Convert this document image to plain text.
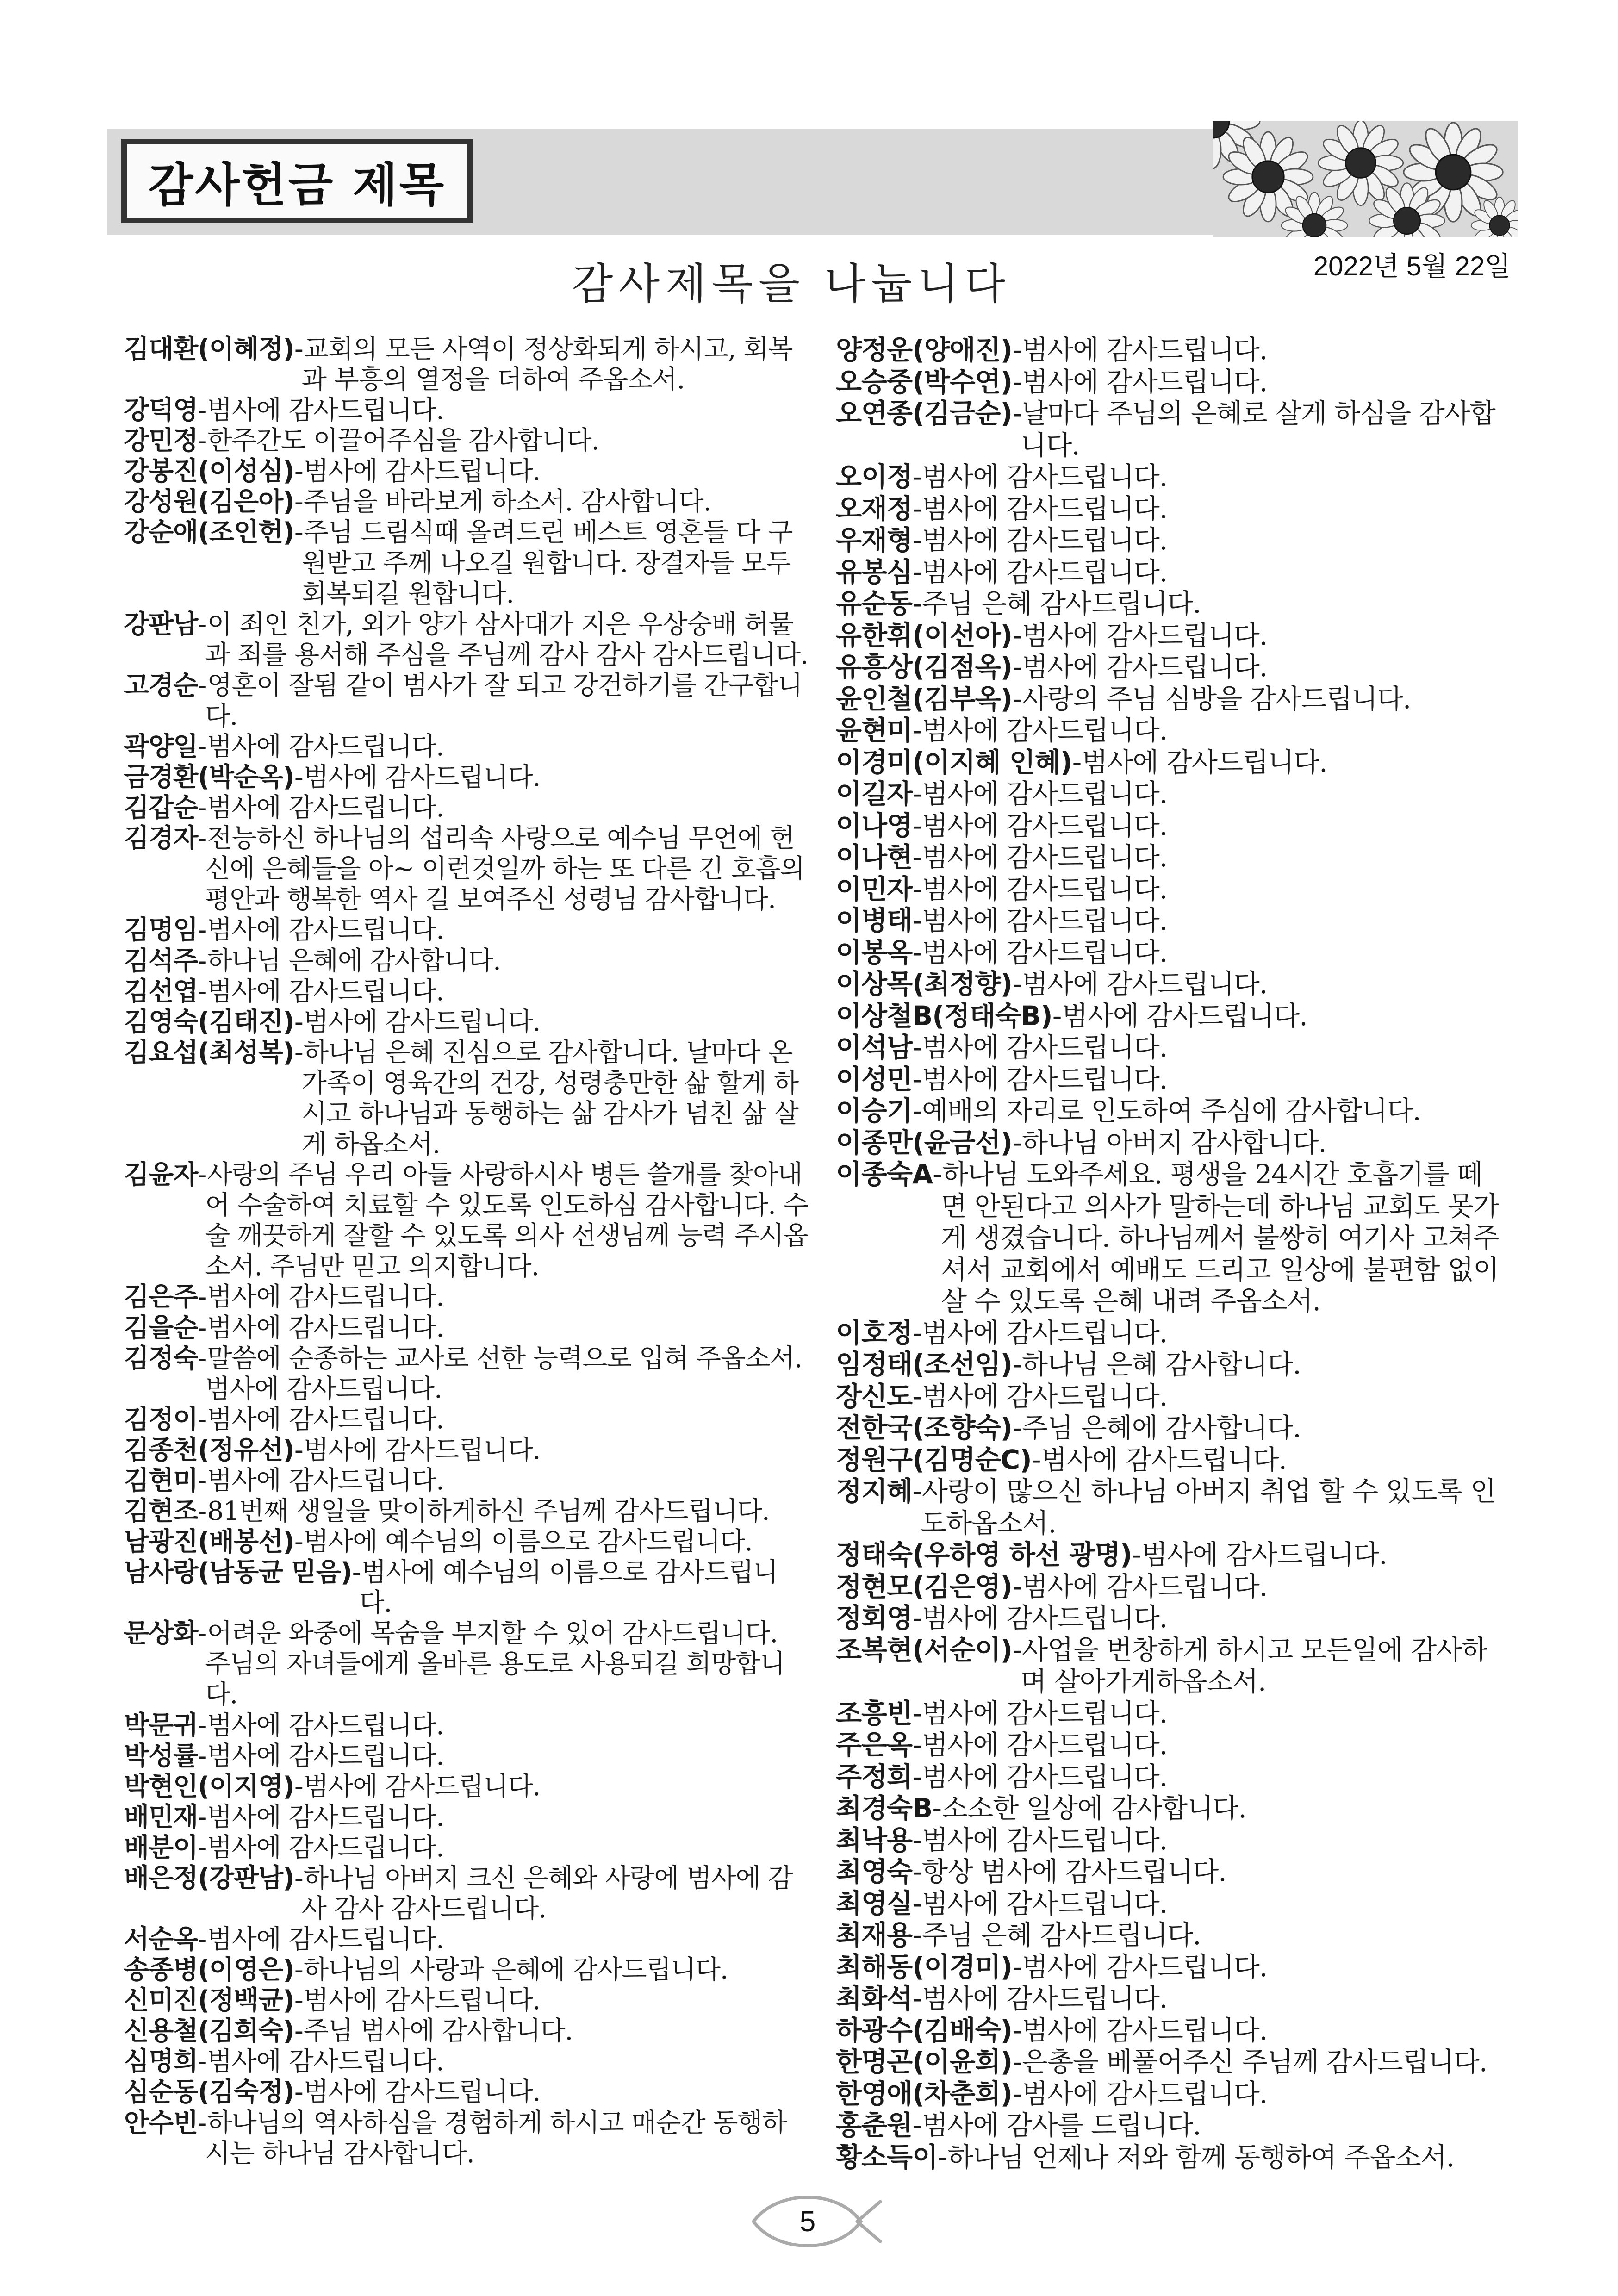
감사헌금 제목
감사제목을 나눕니다	2022년 5월 22일

김대환(이혜정)-교회의 모든 사역이 정상화되게 하시고, 회복과 부흥의 열정을 더하여 주옵소서.

강덕영-범사에 감사드립니다.

강민정-한주간도 이끌어주심을 감사합니다.

강봉진(이성심)-범사에 감사드립니다.

강성원(김은아)-주님을 바라보게 하소서. 감사합니다.

강순애(조인헌)-주님 드림식때 올려드린 베스트 영혼들 다 구원받고 주께 나오길 원합니다. 장결자들 모두 회복되길 원합니다.

강판남-이 죄인 친가, 외가 양가 삼사대가 지은 우상숭배 허물과 죄를 용서해 주심을 주님께 감사 감사 감사드립니다.

고경순-영혼이 잘됨 같이 범사가 잘 되고 강건하기를 간구합니다.

곽양일-범사에 감사드립니다.

금경환(박순옥)-범사에 감사드립니다.

김갑순-범사에 감사드립니다.

김경자-전능하신 하나님의 섭리속 사랑으로 예수님 무언에 헌신에 은혜들을 아~ 이런것일까 하는 또 다른 긴 호흡의 평안과 행복한 역사 길 보여주신 성령님 감사합니다.

김명임-범사에 감사드립니다.

김석주-하나님 은혜에 감사합니다.

김선엽-범사에 감사드립니다.

김영숙(김태진)-범사에 감사드립니다.

김요섭(최성복)-하나님 은혜 진심으로 감사합니다. 날마다 온가족이 영육간의 건강, 성령충만한 삶 할게 하시고 하나님과 동행하는 삶 감사가 넘친 삶 살게 하옵소서.

김윤자-사랑의 주님 우리 아들 사랑하시사 병든 쓸개를 찾아내어 수술하여 치료할 수 있도록 인도하심 감사합니다. 수술 깨끗하게 잘할 수 있도록 의사 선생님께 능력 주시옵소서. 주님만 믿고 의지합니다.

김은주-범사에 감사드립니다.

김을순-범사에 감사드립니다.

김정숙-말씀에 순종하는 교사로 선한 능력으로 입혀 주옵소서. 범사에 감사드립니다.

김정이-범사에 감사드립니다.

김종천(정유선)-범사에 감사드립니다.

김현미-범사에 감사드립니다.

김현조-81번째 생일을 맞이하게하신 주님께 감사드립니다.

남광진(배봉선)-범사에 예수님의 이름으로 감사드립니다.

남사랑(남동균 믿음)-범사에 예수님의 이름으로 감사드립니다.

문상화-어려운 와중에 목숨을 부지할 수 있어 감사드립니다. 주님의 자녀들에게 올바른 용도로 사용되길 희망합니다.

박문귀-범사에 감사드립니다.

박성률-범사에 감사드립니다.

박현인(이지영)-범사에 감사드립니다.

배민재-범사에 감사드립니다.

배분이-범사에 감사드립니다.

배은정(강판남)-하나님 아버지 크신 은혜와 사랑에 범사에 감사 감사 감사드립니다.

서순옥-범사에 감사드립니다.

송종병(이영은)-하나님의 사랑과 은혜에 감사드립니다.

신미진(정백균)-범사에 감사드립니다.

신용철(김희숙)-주님 범사에 감사합니다.

심명희-범사에 감사드립니다.

심순동(김숙정)-범사에 감사드립니다.

안수빈-하나님의 역사하심을 경험하게 하시고 매순간 동행하시는 하나님 감사합니다.

양정운(양애진)-범사에 감사드립니다.

오승중(박수연)-범사에 감사드립니다.

오연종(김금순)-날마다 주님의 은혜로 살게 하심을 감사합니다.

오이정-범사에 감사드립니다.

오재정-범사에 감사드립니다.

우재형-범사에 감사드립니다.

유봉심-범사에 감사드립니다.

유순동-주님 은혜 감사드립니다.

유한휘(이선아)-범사에 감사드립니다.

유흥상(김점옥)-범사에 감사드립니다.

윤인철(김부옥)-사랑의 주님 심방을 감사드립니다.

윤현미-범사에 감사드립니다.

이경미(이지혜 인혜)-범사에 감사드립니다.

이길자-범사에 감사드립니다.

이나영-범사에 감사드립니다.

이나현-범사에 감사드립니다.

이민자-범사에 감사드립니다.

이병태-범사에 감사드립니다.

이봉옥-범사에 감사드립니다.

이상목(최정향)-범사에 감사드립니다.

이상철B(정태숙B)-범사에 감사드립니다.

이석남-범사에 감사드립니다.

이성민-범사에 감사드립니다.

이승기-예배의 자리로 인도하여 주심에 감사합니다.

이종만(윤금선)-하나님 아버지 감사합니다.

이종숙A-하나님 도와주세요. 평생을 24시간 호흡기를 떼면 안된다고 의사가 말하는데 하나님 교회도 못가게 생겼습니다. 하나님께서 불쌍히 여기사 고쳐주셔서 교회에서 예배도 드리고 일상에 불편함 없이 살 수 있도록 은혜 내려 주옵소서.

이호정-범사에 감사드립니다.

임정태(조선임)-하나님 은혜 감사합니다.

장신도-범사에 감사드립니다.

전한국(조향숙)-주님 은혜에 감사합니다.

정원구(김명순C)-범사에 감사드립니다.

정지혜-사랑이 많으신 하나님 아버지 취업 할 수 있도록 인도하옵소서.

정태숙(우하영 하선 광명)-범사에 감사드립니다.

정현모(김은영)-범사에 감사드립니다.

정회영-범사에 감사드립니다.

조복현(서순이)-사업을 번창하게 하시고 모든일에 감사하며 살아가게하옵소서.

조흥빈-범사에 감사드립니다.

주은옥-범사에 감사드립니다.

주정희-범사에 감사드립니다.

최경숙B-소소한 일상에 감사합니다.

최낙용-범사에 감사드립니다.

최영숙-항상 범사에 감사드립니다.

최영실-범사에 감사드립니다.

최재용-주님 은혜 감사드립니다.

최해동(이경미)-범사에 감사드립니다.

최화석-범사에 감사드립니다.

하광수(김배숙)-범사에 감사드립니다.

한명곤(이윤희)-은총을 베풀어주신 주님께 감사드립니다.

한영애(차춘희)-범사에 감사드립니다.

홍춘원-범사에 감사를 드립니다.

황소득이-하나님 언제나 저와 함께 동행하여 주옵소서.

5
